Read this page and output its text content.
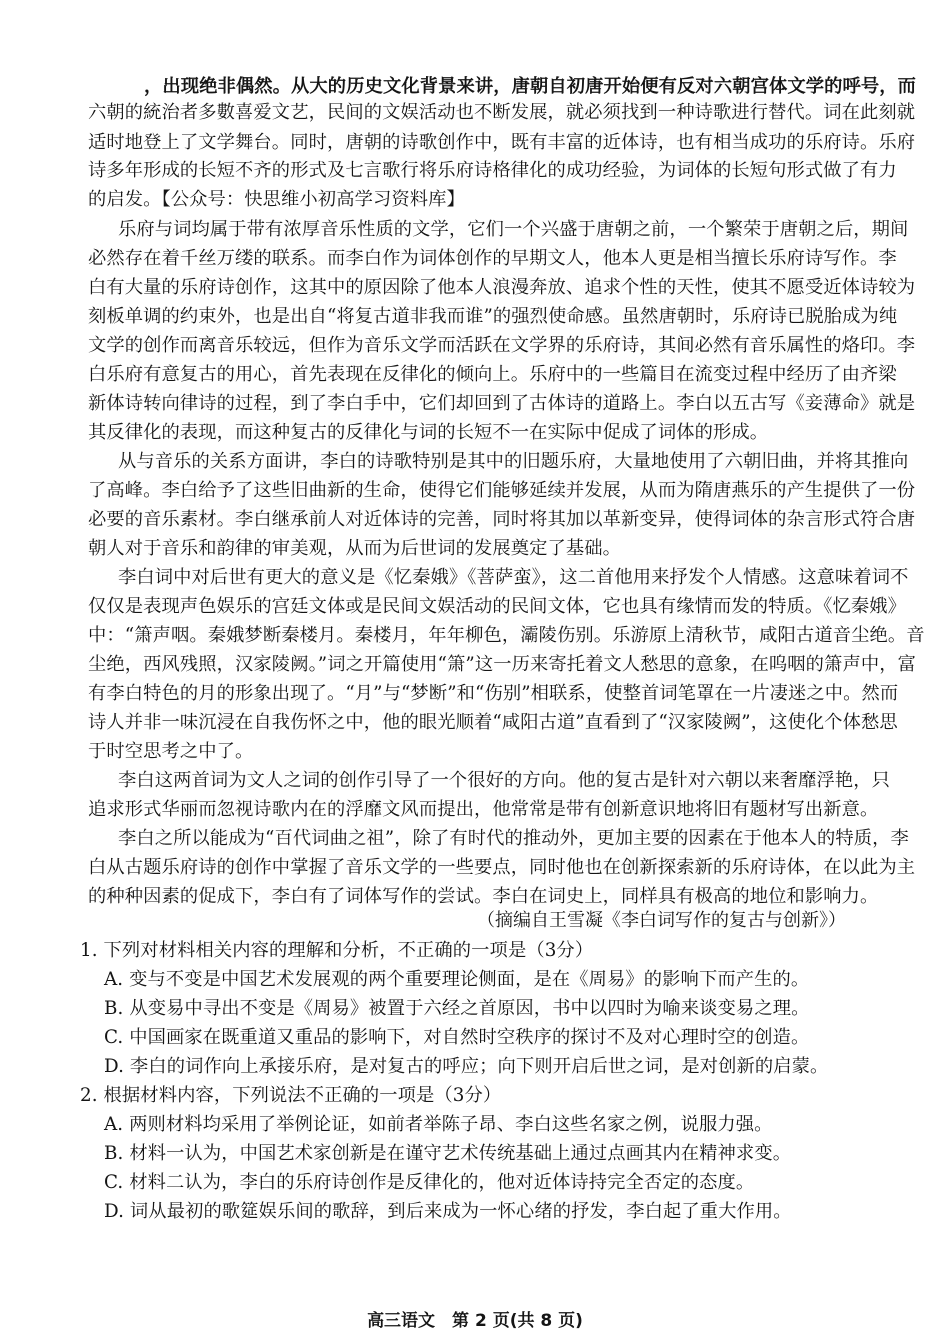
，出现绝非偶然。从大的历史文化背景来讲，唐朝自初唐开始便有反对六朝宫体文学的呼号，而
六朝的統治者多數喜爱文艺，民间的文娱活动也不断发展，就必须找到一种诗歌进行替代。词在此刻就
适时地登上了文学舞台。同时，唐朝的诗歌创作中，既有丰富的近体诗，也有相当成功的乐府诗。乐府
诗多年形成的长短不齐的形式及七言歌行将乐府诗格律化的成功经验，为词体的长短句形式做了有力
的启发。【公众号：快思维小初高学习资料库】
乐府与词均属于带有浓厚音乐性质的文学，它们一个兴盛于唐朝之前，一个繁荣于唐朝之后，期间
必然存在着千丝万缕的联系。而李白作为词体创作的早期文人，他本人更是相当擅长乐府诗写作。李
白有大量的乐府诗创作，这其中的原因除了他本人浪漫奔放、追求个性的天性，使其不愿受近体诗较为
刻板单调的约束外，也是出自“将复古道非我而谁”的强烈使命感。虽然唐朝时，乐府诗已脱胎成为纯
文学的创作而离音乐较远，但作为音乐文学而活跃在文学界的乐府诗，其间必然有音乐属性的烙印。李
白乐府有意复古的用心，首先表现在反律化的倾向上。乐府中的一些篇目在流变过程中经历了由齐梁
新体诗转向律诗的过程，到了李白手中，它们却回到了古体诗的道路上。李白以五古写《妾薄命》就是
其反律化的表现，而这种复古的反律化与词的长短不一在实际中促成了词体的形成。
从与音乐的关系方面讲，李白的诗歌特别是其中的旧题乐府，大量地使用了六朝旧曲，并将其推向
了高峰。李白给予了这些旧曲新的生命，使得它们能够延续并发展，从而为隋唐燕乐的产生提供了一份
必要的音乐素材。李白继承前人对近体诗的完善，同时将其加以革新变异，使得词体的杂言形式符合唐
朝人对于音乐和韵律的审美观，从而为后世词的发展奠定了基础。
李白词中对后世有更大的意义是《忆秦娥》《菩萨蛮》，这二首他用来抒发个人情感。这意味着词不
仅仅是表现声色娱乐的宫廷文体或是民间文娱活动的民间文体，它也具有缘情而发的特质。《忆秦娥》
中：“箫声咽。秦娥梦断秦楼月。秦楼月，年年柳色，灞陵伤别。乐游原上清秋节，咸阳古道音尘绝。音
尘绝，西风残照，汉家陵阙。”词之开篇使用“箫”这一历来寄托着文人愁思的意象，在呜咽的箫声中，富
有李白特色的月的形象出现了。“月”与“梦断”和“伤别”相联系，使整首词笔罩在一片凄迷之中。然而
诗人并非一味沉浸在自我伤怀之中，他的眼光顺着“咸阳古道”直看到了“汉家陵阙”，这使化个体愁思
于时空思考之中了。
李白这两首词为文人之词的创作引导了一个很好的方向。他的复古是针对六朝以来奢靡浮艳，只
追求形式华丽而忽视诗歌内在的浮靡文风而提出，他常常是带有创新意识地将旧有题材写出新意。
李白之所以能成为“百代词曲之祖”，除了有时代的推动外，更加主要的因素在于他本人的特质，李
白从古题乐府诗的创作中掌握了音乐文学的一些要点，同时他也在创新探索新的乐府诗体，在以此为主
的种种因素的促成下，李白有了词体写作的尝试。李白在词史上，同样具有极高的地位和影响力。
（摘编自王雪凝《李白词写作的复古与创新》）
1. 下列对材料相关内容的理解和分析，不正确的一项是（3分）
A. 变与不变是中国艺术发展观的两个重要理论侧面，是在《周易》的影响下而产生的。
B. 从变易中寻出不变是《周易》被置于六经之首原因，书中以四时为喻来谈变易之理。
C. 中国画家在既重道又重品的影响下，对自然时空秩序的探讨不及对心理时空的创造。
D. 李白的词作向上承接乐府，是对复古的呼应；向下则开启后世之词，是对创新的启蒙。
2. 根据材料内容，下列说法不正确的一项是（3分）
A. 两则材料均采用了举例论证，如前者举陈子昂、李白这些名家之例，说服力强。
B. 材料一认为，中国艺术家创新是在谨守艺术传统基础上通过点画其内在精神求变。
C. 材料二认为，李白的乐府诗创作是反律化的，他对近体诗持完全否定的态度。
D. 词从最初的歌筵娱乐间的歌辞，到后来成为一怀心绪的抒发，李白起了重大作用。
高三语文　第 2 页(共 8 页)
